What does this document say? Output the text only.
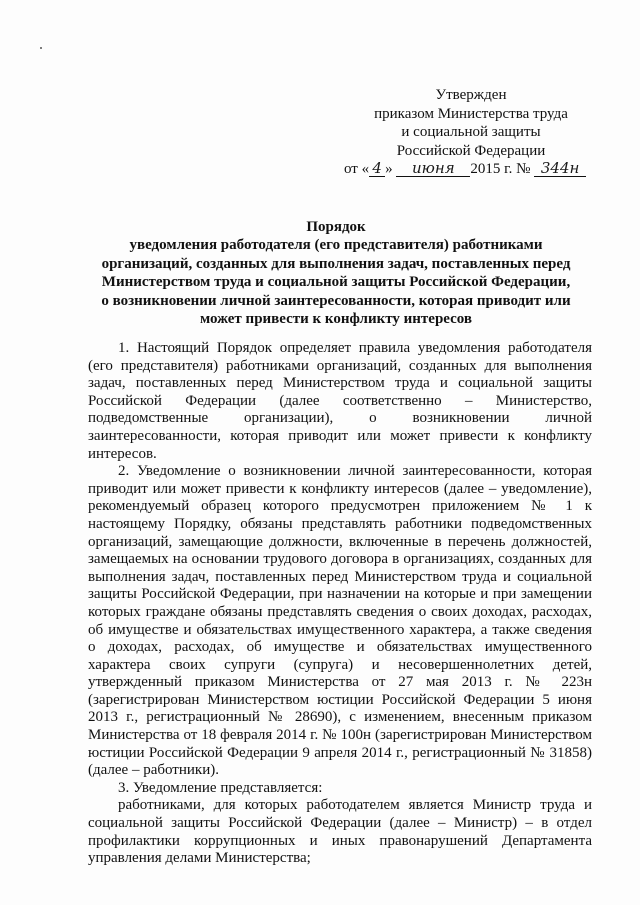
Утвержден
приказом Министерства труда
и социальной защиты
Российской Федерации
от « 4 » июня 2015 г. № 344н
Порядок
уведомления работодателя (его представителя) работниками
организаций, созданных для выполнения задач, поставленных перед
Министерством труда и социальной защиты Российской Федерации,
о возникновении личной заинтересованности, которая приводит или
может привести к конфликту интересов

1. Настоящий Порядок определяет правила уведомления работодателя (его представителя) работниками организаций, созданных для выполнения задач, поставленных перед Министерством труда и социальной защиты Российской Федерации (далее соответственно – Министерство, подведомственные организации), о возникновении личной заинтересованности, которая приводит или может привести к конфликту интересов.

2. Уведомление о возникновении личной заинтересованности, которая приводит или может привести к конфликту интересов (далее – уведомление), рекомендуемый образец которого предусмотрен приложением № 1 к настоящему Порядку, обязаны представлять работники подведомственных организаций, замещающие должности, включенные в перечень должностей, замещаемых на основании трудового договора в организациях, созданных для выполнения задач, поставленных перед Министерством труда и социальной защиты Российской Федерации, при назначении на которые и при замещении которых граждане обязаны представлять сведения о своих доходах, расходах, об имуществе и обязательствах имущественного характера, а также сведения о доходах, расходах, об имуществе и обязательствах имущественного характера своих супруги (супруга) и несовершеннолетних детей, утвержденный приказом Министерства от 27 мая 2013 г. № 223н (зарегистрирован Министерством юстиции Российской Федерации 5 июня 2013 г., регистрационный № 28690), с изменением, внесенным приказом Министерства от 18 февраля 2014 г. № 100н (зарегистрирован Министерством юстиции Российской Федерации 9 апреля 2014 г., регистрационный № 31858) (далее – работники).

3. Уведомление представляется:

работниками, для которых работодателем является Министр труда и социальной защиты Российской Федерации (далее – Министр) – в отдел профилактики коррупционных и иных правонарушений Департамента управления делами Министерства;
